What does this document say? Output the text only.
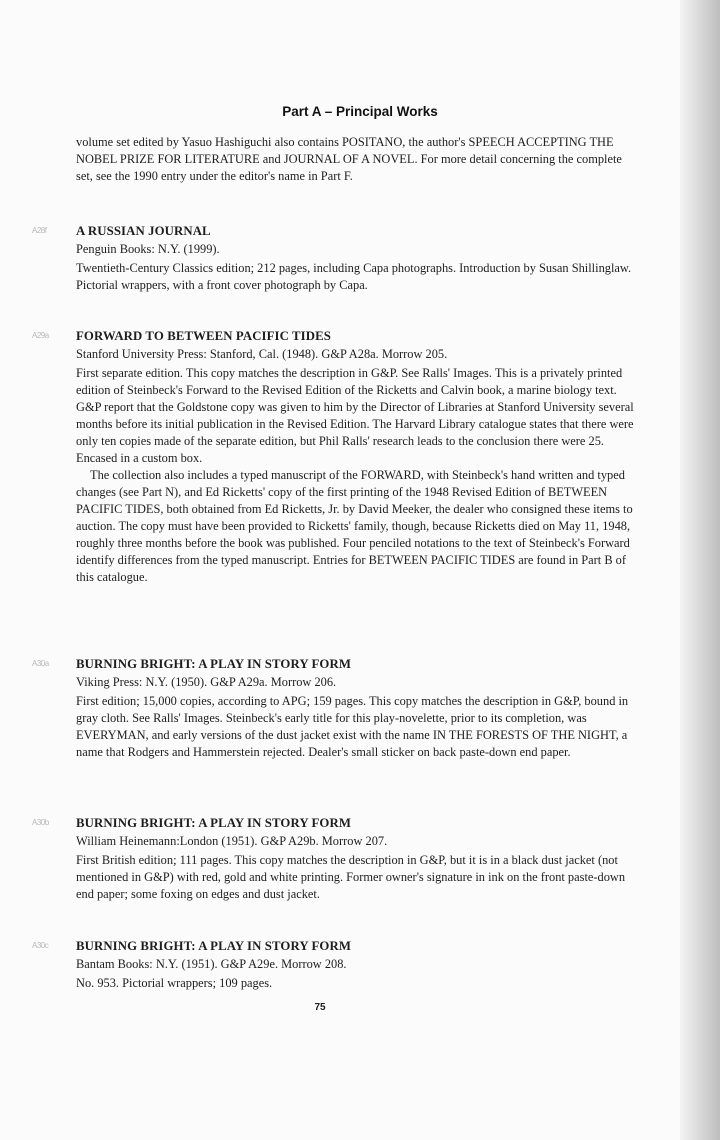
Part A – Principal Works

volume set edited by Yasuo Hashiguchi also contains POSITANO, the author's SPEECH ACCEPTING THE NOBEL PRIZE FOR LITERATURE and JOURNAL OF A NOVEL. For more detail concerning the complete set, see the 1990 entry under the editor's name in Part F.

A28f	A RUSSIAN JOURNAL

Penguin Books: N.Y. (1999).

Twentieth-Century Classics edition; 212 pages, including Capa photographs. Introduction by Susan Shillinglaw. Pictorial wrappers, with a front cover photograph by Capa.

A29a	FORWARD TO BETWEEN PACIFIC TIDES

Stanford University Press: Stanford, Cal. (1948). G&P A28a. Morrow 205.

First separate edition. This copy matches the description in G&P. See Ralls' Images. This is a privately printed edition of Steinbeck's Forward to the Revised Edition of the Ricketts and Calvin book, a marine biology text. G&P report that the Goldstone copy was given to him by the Director of Libraries at Stanford University several months before its initial publication in the Revised Edition. The Harvard Library catalogue states that there were only ten copies made of the separate edition, but Phil Ralls' research leads to the conclusion there were 25. Encased in a custom box.

The collection also includes a typed manuscript of the FORWARD, with Steinbeck's hand written and typed changes (see Part N), and Ed Ricketts' copy of the first printing of the 1948 Revised Edition of BETWEEN PACIFIC TIDES, both obtained from Ed Ricketts, Jr. by David Meeker, the dealer who consigned these items to auction. The copy must have been provided to Ricketts' family, though, because Ricketts died on May 11, 1948, roughly three months before the book was published. Four penciled notations to the text of Steinbeck's Forward identify differences from the typed manuscript. Entries for BETWEEN PACIFIC TIDES are found in Part B of this catalogue.

A30a	BURNING BRIGHT: A PLAY IN STORY FORM

Viking Press: N.Y. (1950). G&P A29a. Morrow 206.

First edition; 15,000 copies, according to APG; 159 pages. This copy matches the description in G&P, bound in gray cloth. See Ralls' Images. Steinbeck's early title for this play-novelette, prior to its completion, was EVERYMAN, and early versions of the dust jacket exist with the name IN THE FORESTS OF THE NIGHT, a name that Rodgers and Hammerstein rejected. Dealer's small sticker on back paste-down end paper.

A30b	BURNING BRIGHT: A PLAY IN STORY FORM

William Heinemann:London (1951). G&P A29b. Morrow 207.

First British edition; 111 pages. This copy matches the description in G&P, but it is in a black dust jacket (not mentioned in G&P) with red, gold and white printing. Former owner's signature in ink on the front paste-down end paper; some foxing on edges and dust jacket.

A30c	BURNING BRIGHT: A PLAY IN STORY FORM

Bantam Books: N.Y. (1951). G&P A29e. Morrow 208.

No. 953. Pictorial wrappers; 109 pages.

75
